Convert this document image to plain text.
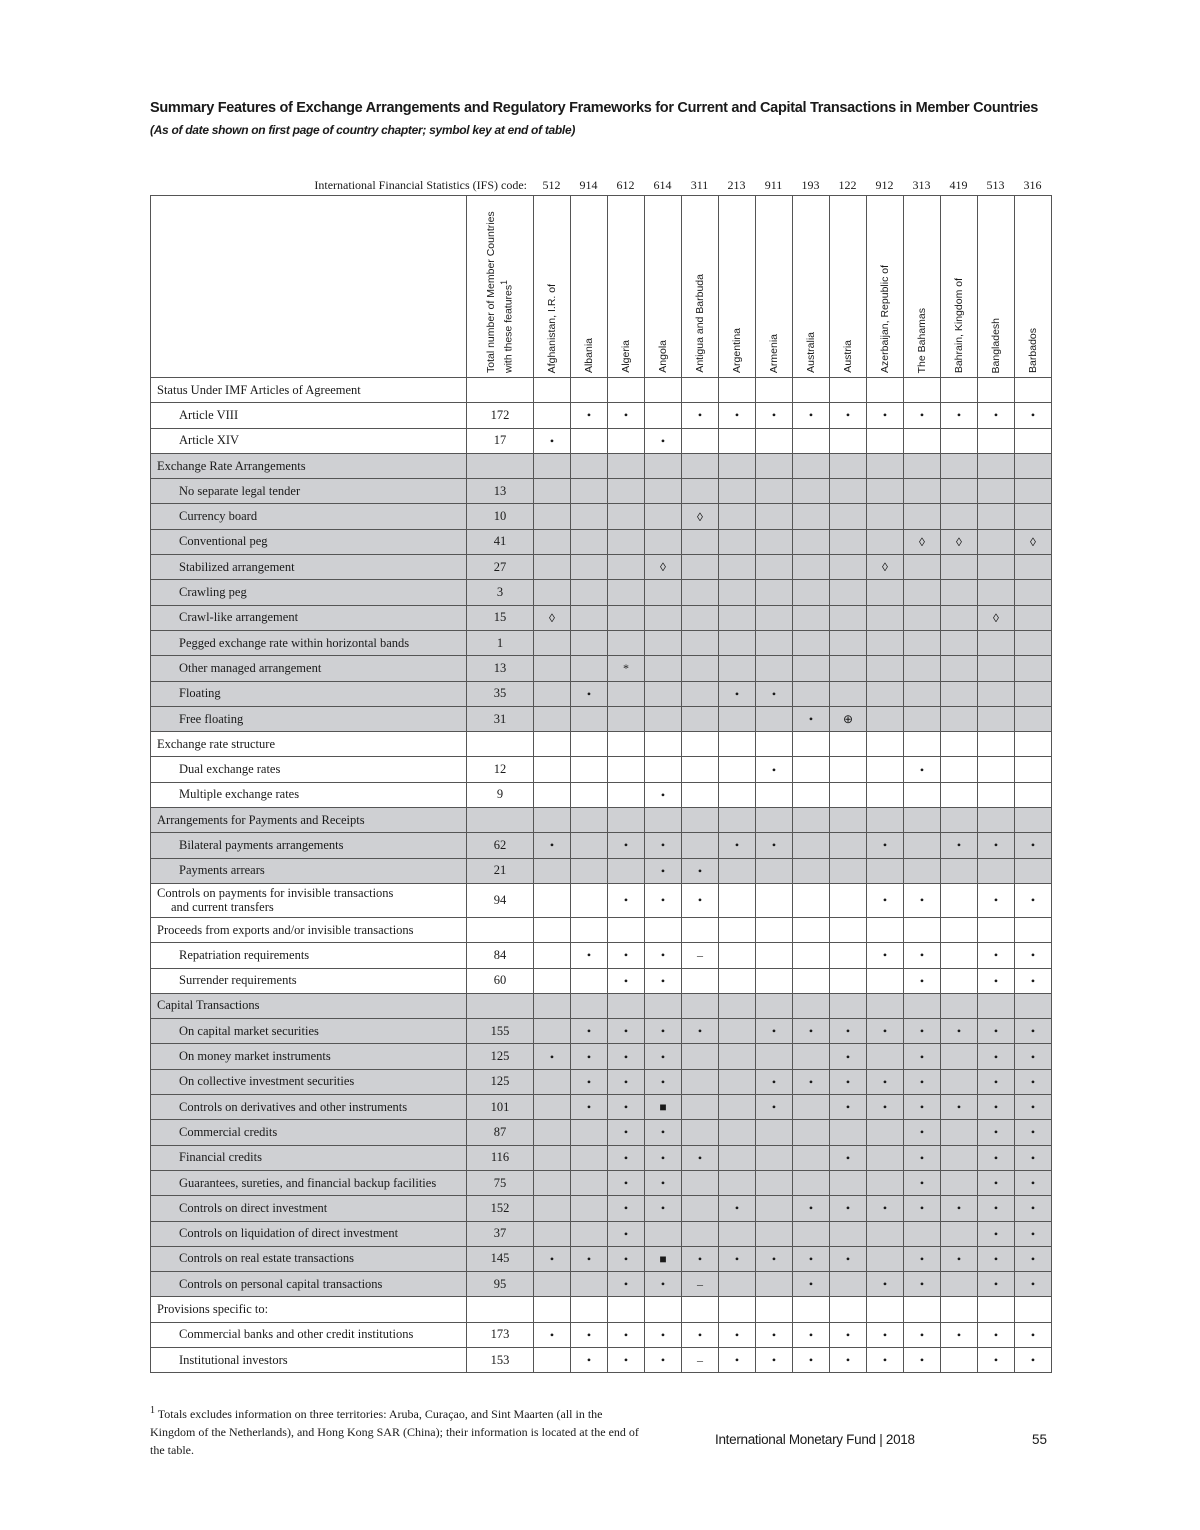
Summary Features of Exchange Arrangements and Regulatory Frameworks for Current and Capital Transactions in Member Countries
(As of date shown on first page of country chapter; symbol key at end of table)
International Financial Statistics (IFS) code:	512	914	612	614	311	213	911	193	122	912	313	419	513	316
	Total number of Member Countries with these features$^1$	Afghanistan, I.R. of	Albania	Algeria	Angola	Antigua and Barbuda	Argentina	Armenia	Australia	Austria	Azerbaijan, Republic of	The Bahamas	Bahrain, Kingdom of	Bangladesh	Barbados
Status Under IMF Articles of Agreement															
Article VIII	172		•	•		•	•	•	•	•	•	•	•	•	•
Article XIV	17	•			•										
Exchange Rate Arrangements															
No separate legal tender	13														
Currency board	10					◊									
Conventional peg	41											◊	◊		◊
Stabilized arrangement	27				◊						◊				
Crawling peg	3														
Crawl-like arrangement	15	◊												◊	
Pegged exchange rate within horizontal bands	1														
Other managed arrangement	13			*											
Floating	35		•				•	•							
Free floating	31								•	⊕					
Exchange rate structure															
Dual exchange rates	12							•				•			
Multiple exchange rates	9				•										
Arrangements for Payments and Receipts															
Bilateral payments arrangements	62	•		•	•		•	•			•		•	•	•
Payments arrears	21				•	•									
Controls on payments for invisible transactions
and current transfers	94			•	•	•					•	•		•	•
Proceeds from exports and/or invisible transactions															
Repatriation requirements	84		•	•	•	–					•	•		•	•
Surrender requirements	60			•	•							•		•	•
Capital Transactions															
On capital market securities	155		•	•	•	•		•	•	•	•	•	•	•	•
On money market instruments	125	•	•	•	•					•		•		•	•
On collective investment securities	125		•	•	•			•	•	•	•	•		•	•
Controls on derivatives and other instruments	101		•	•	■			•		•	•	•	•	•	•
Commercial credits	87			•	•							•		•	•
Financial credits	116			•	•	•				•		•		•	•
Guarantees, sureties, and financial backup facilities	75			•	•							•		•	•
Controls on direct investment	152			•	•		•		•	•	•	•	•	•	•
Controls on liquidation of direct investment	37			•										•	•
Controls on real estate transactions	145	•	•	•	■	•	•	•	•	•		•	•	•	•
Controls on personal capital transactions	95			•	•	–			•		•	•		•	•
Provisions specific to:															
Commercial banks and other credit institutions	173	•	•	•	•	•	•	•	•	•	•	•	•	•	•
Institutional investors	153		•	•	•	–	•	•	•	•	•	•		•	•
$^1$ Totals excludes information on three territories: Aruba, Curaçao, and Sint Maarten (all in the Kingdom of the Netherlands), and Hong Kong SAR (China); their information is located at the end of the table.
International Monetary Fund | 2018	55
